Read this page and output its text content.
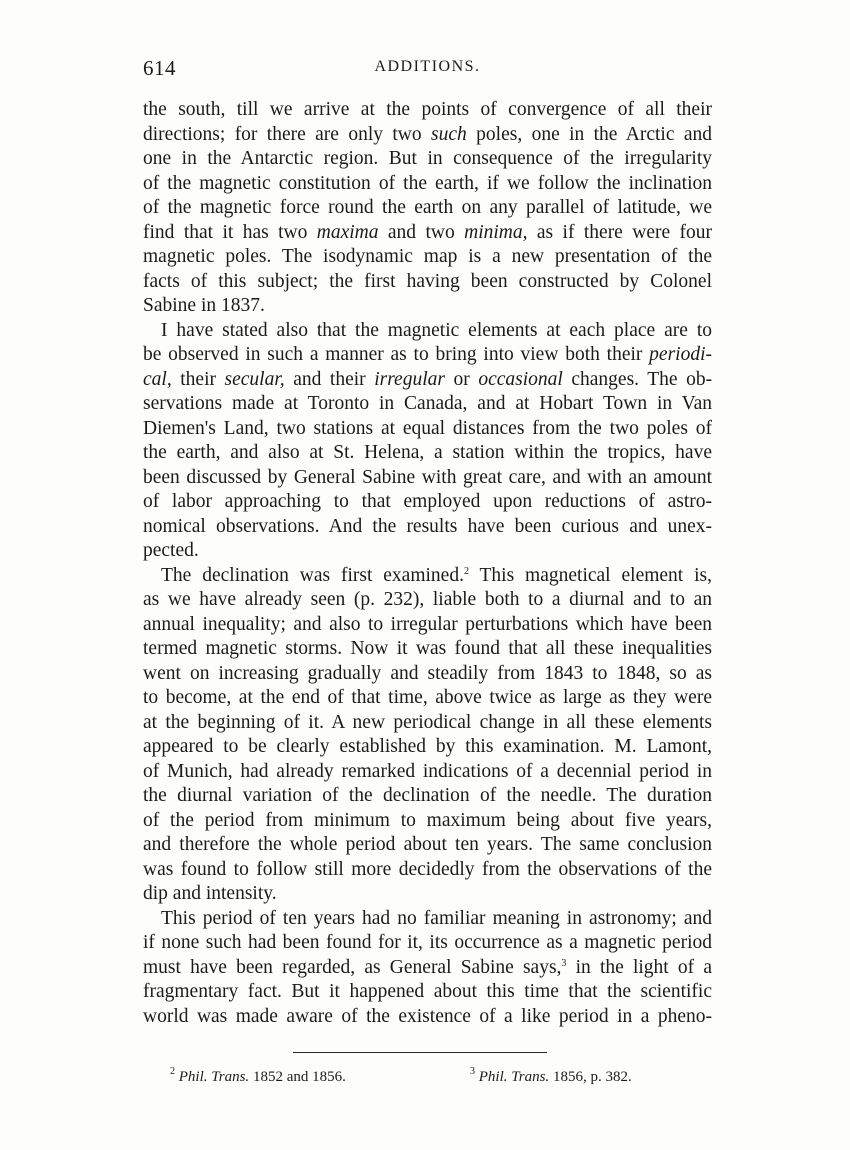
614	ADDITIONS.
the south, till we arrive at the points of convergence of all their
directions; for there are only two such poles, one in the Arctic and
one in the Antarctic region. But in consequence of the irregularity
of the magnetic constitution of the earth, if we follow the inclination
of the magnetic force round the earth on any parallel of latitude, we
find that it has two maxima and two minima, as if there were four
magnetic poles. The isodynamic map is a new presentation of the
facts of this subject; the first having been constructed by Colonel
Sabine in 1837.
I have stated also that the magnetic elements at each place are to
be observed in such a manner as to bring into view both their periodi-
cal, their secular, and their irregular or occasional changes. The ob-
servations made at Toronto in Canada, and at Hobart Town in Van
Diemen's Land, two stations at equal distances from the two poles of
the earth, and also at St. Helena, a station within the tropics, have
been discussed by General Sabine with great care, and with an amount
of labor approaching to that employed upon reductions of astro-
nomical observations. And the results have been curious and unex-
pected.
The declination was first examined.$^2$ This magnetical element is,
as we have already seen (p. 232), liable both to a diurnal and to an
annual inequality; and also to irregular perturbations which have been
termed magnetic storms. Now it was found that all these inequalities
went on increasing gradually and steadily from 1843 to 1848, so as
to become, at the end of that time, above twice as large as they were
at the beginning of it. A new periodical change in all these elements
appeared to be clearly established by this examination. M. Lamont,
of Munich, had already remarked indications of a decennial period in
the diurnal variation of the declination of the needle. The duration
of the period from minimum to maximum being about five years,
and therefore the whole period about ten years. The same conclusion
was found to follow still more decidedly from the observations of the
dip and intensity.
This period of ten years had no familiar meaning in astronomy; and
if none such had been found for it, its occurrence as a magnetic period
must have been regarded, as General Sabine says,$^3$ in the light of a
fragmentary fact. But it happened about this time that the scientific
world was made aware of the existence of a like period in a pheno-
$^2$ Phil. Trans. 1852 and 1856.	$^3$ Phil. Trans. 1856, p. 382.
